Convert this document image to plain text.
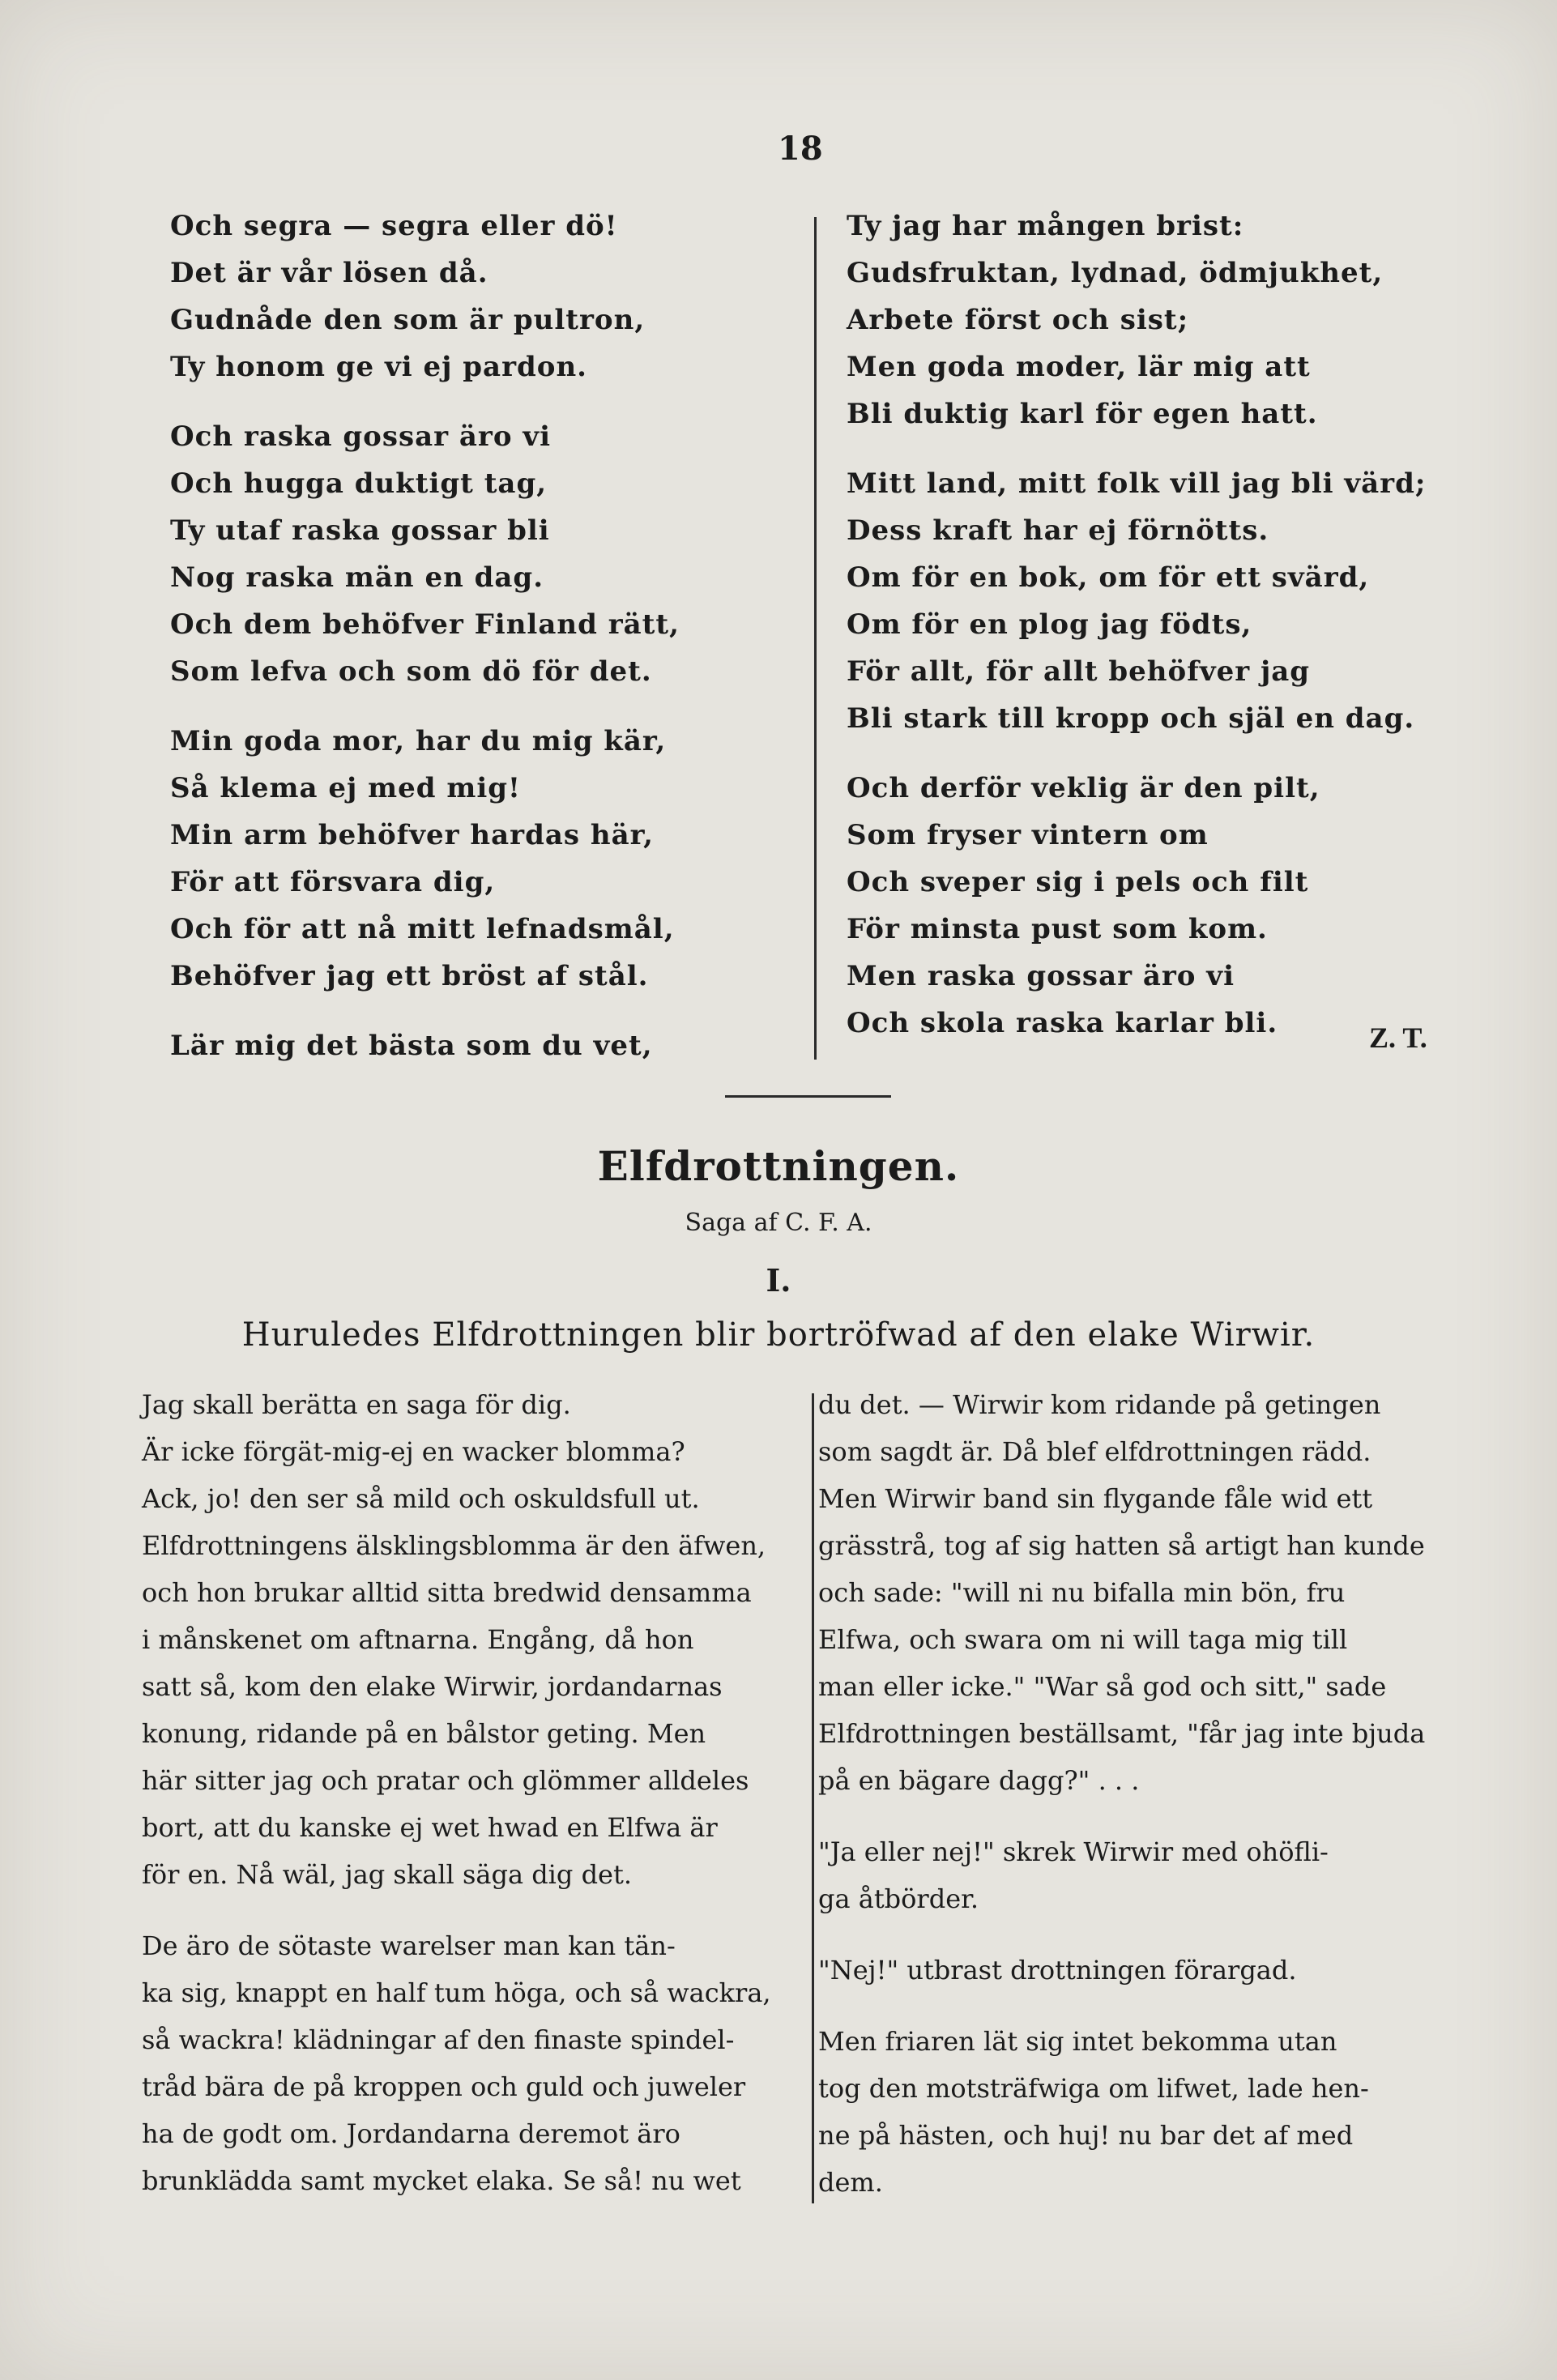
18
Och segra — segra eller dö!
Det är vår lösen då.
Gudnåde den som är pultron,
Ty honom ge vi ej pardon.
Och raska gossar äro vi
Och hugga duktigt tag,
Ty utaf raska gossar bli
Nog raska män en dag.
Och dem behöfver Finland rätt,
Som lefva och som dö för det.
Min goda mor, har du mig kär,
Så klema ej med mig!
Min arm behöfver hardas här,
För att försvara dig,
Och för att nå mitt lefnadsmål,
Behöfver jag ett bröst af stål.
Lär mig det bästa som du vet,
Ty jag har mången brist:
Gudsfruktan, lydnad, ödmjukhet,
Arbete först och sist;
Men goda moder, lär mig att
Bli duktig karl för egen hatt.
Mitt land, mitt folk vill jag bli värd;
Dess kraft har ej förnötts.
Om för en bok, om för ett svärd,
Om för en plog jag födts,
För allt, för allt behöfver jag
Bli stark till kropp och själ en dag.
Och derför veklig är den pilt,
Som fryser vintern om
Och sveper sig i pels och filt
För minsta pust som kom.
Men raska gossar äro vi
Och skola raska karlar bli.	Z. T.
Elfdrottningen.
Saga af C. F. A.
I.
Huruledes Elfdrottningen blir bortröfwad af den elake Wirwir.
Jag skall berätta en saga för dig.
Är icke förgät-mig-ej en wacker blomma?
Ack, jo! den ser så mild och oskuldsfull ut.
Elfdrottningens älsklingsblomma är den äfwen,
och hon brukar alltid sitta bredwid densamma
i månskenet om aftnarna. Engång, då hon
satt så, kom den elake Wirwir, jordandarnas
konung, ridande på en bålstor geting. Men
här sitter jag och pratar och glömmer alldeles
bort, att du kanske ej wet hwad en Elfwa är
för en. Nå wäl, jag skall säga dig det.
De äro de sötaste warelser man kan tän-
ka sig, knappt en half tum höga, och så wackra,
så wackra! klädningar af den finaste spindel-
tråd bära de på kroppen och guld och juweler
ha de godt om. Jordandarna deremot äro
brunklädda samt mycket elaka. Se så! nu wet
du det. — Wirwir kom ridande på getingen
som sagdt är. Då blef elfdrottningen rädd.
Men Wirwir band sin flygande fåle wid ett
grässtrå, tog af sig hatten så artigt han kunde
och sade: "will ni nu bifalla min bön, fru
Elfwa, och swara om ni will taga mig till
man eller icke." "War så god och sitt," sade
Elfdrottningen beställsamt, "får jag inte bjuda
på en bägare dagg?" . . .
"Ja eller nej!" skrek Wirwir med ohöfli-
ga åtbörder.
"Nej!" utbrast drottningen förargad.
Men friaren lät sig intet bekomma utan
tog den motsträfwiga om lifwet, lade hen-
ne på hästen, och huj! nu bar det af med
dem.
